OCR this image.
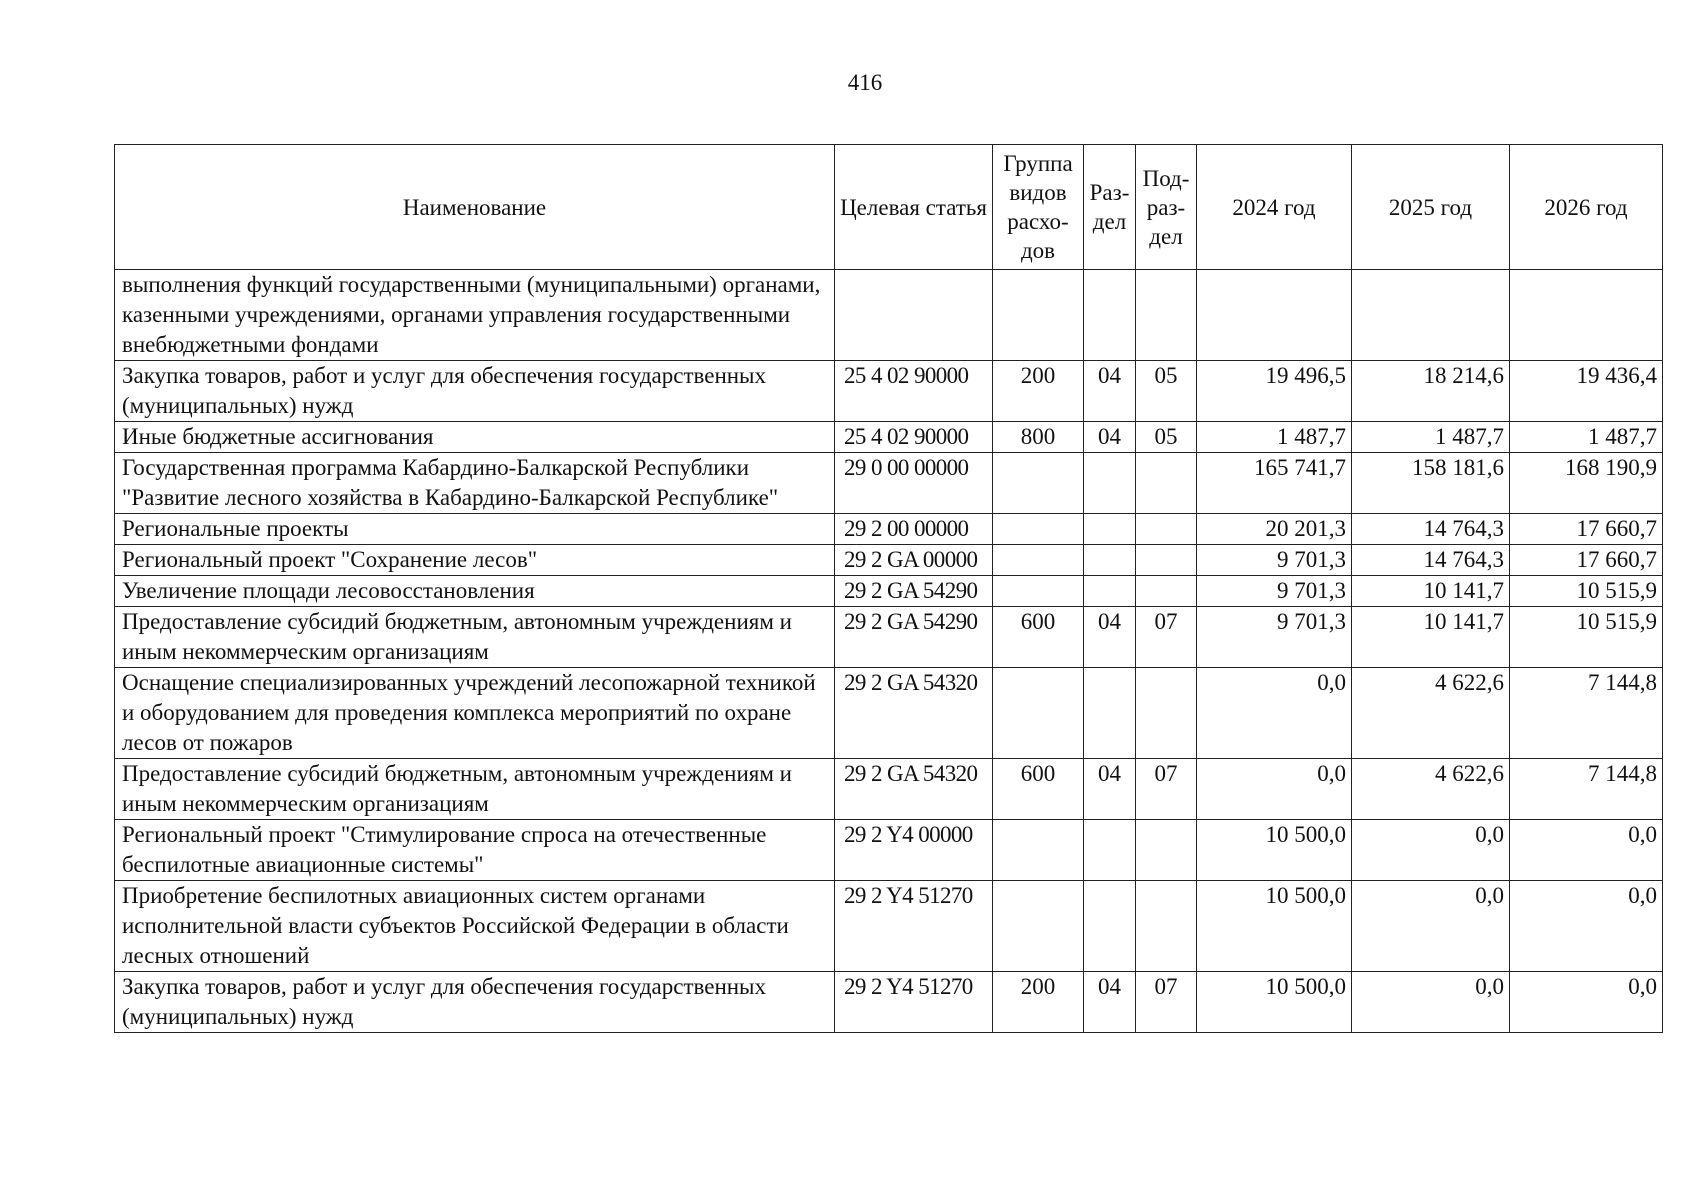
416
Наименование	Целевая статья	Группа видов расхо-дов	Раз-дел	Под-раз-дел	2024 год	2025 год	2026 год
выполнения функций государственными (муниципальными) органами, казенными учреждениями, органами управления государственными внебюджетными фондами							
Закупка товаров, работ и услуг для обеспечения государственных (муниципальных) нужд	25 4 02 90000	200	04	05	19 496,5	18 214,6	19 436,4
Иные бюджетные ассигнования	25 4 02 90000	800	04	05	1 487,7	1 487,7	1 487,7
Государственная программа Кабардино-Балкарской Республики "Развитие лесного хозяйства в Кабардино-Балкарской Республике"	29 0 00 00000				165 741,7	158 181,6	168 190,9
Региональные проекты	29 2 00 00000				20 201,3	14 764,3	17 660,7
Региональный проект "Сохранение лесов"	29 2 GA 00000				9 701,3	14 764,3	17 660,7
Увеличение площади лесовосстановления	29 2 GA 54290				9 701,3	10 141,7	10 515,9
Предоставление субсидий бюджетным, автономным учреждениям и иным некоммерческим организациям	29 2 GA 54290	600	04	07	9 701,3	10 141,7	10 515,9
Оснащение специализированных учреждений лесопожарной техникой и оборудованием для проведения комплекса мероприятий по охране лесов от пожаров	29 2 GA 54320				0,0	4 622,6	7 144,8
Предоставление субсидий бюджетным, автономным учреждениям и иным некоммерческим организациям	29 2 GA 54320	600	04	07	0,0	4 622,6	7 144,8
Региональный проект "Стимулирование спроса на отечественные беспилотные авиационные системы"	29 2 Y4 00000				10 500,0	0,0	0,0
Приобретение беспилотных авиационных систем органами исполнительной власти субъектов Российской Федерации в области лесных отношений	29 2 Y4 51270				10 500,0	0,0	0,0
Закупка товаров, работ и услуг для обеспечения государственных (муниципальных) нужд	29 2 Y4 51270	200	04	07	10 500,0	0,0	0,0
